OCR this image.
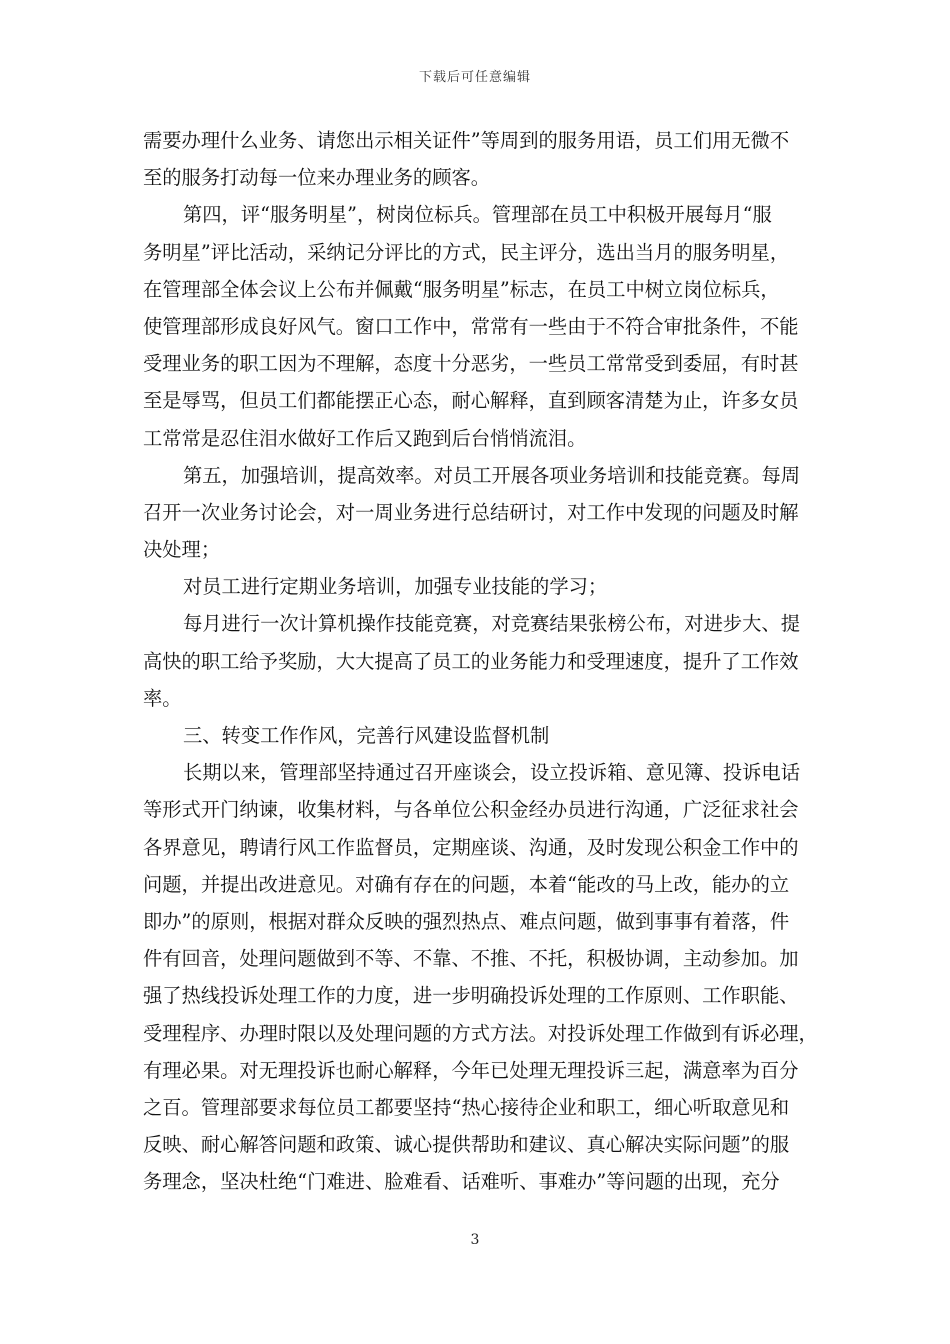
下载后可任意编辑
需要办理什么业务、请您出示相关证件”等周到的服务用语，员工们用无微不
至的服务打动每一位来办理业务的顾客。
第四，评“服务明星”，树岗位标兵。管理部在员工中积极开展每月“服
务明星”评比活动，采纳记分评比的方式，民主评分，选出当月的服务明星，
在管理部全体会议上公布并佩戴“服务明星”标志，在员工中树立岗位标兵，
使管理部形成良好风气。窗口工作中，常常有一些由于不符合审批条件，不能
受理业务的职工因为不理解，态度十分恶劣，一些员工常常受到委屈，有时甚
至是辱骂，但员工们都能摆正心态，耐心解释，直到顾客清楚为止，许多女员
工常常是忍住泪水做好工作后又跑到后台悄悄流泪。
第五，加强培训，提高效率。对员工开展各项业务培训和技能竞赛。每周
召开一次业务讨论会，对一周业务进行总结研讨，对工作中发现的问题及时解
决处理；
对员工进行定期业务培训，加强专业技能的学习；
每月进行一次计算机操作技能竞赛，对竞赛结果张榜公布，对进步大、提
高快的职工给予奖励，大大提高了员工的业务能力和受理速度，提升了工作效
率。
三、转变工作作风，完善行风建设监督机制
长期以来，管理部坚持通过召开座谈会，设立投诉箱、意见簿、投诉电话
等形式开门纳谏，收集材料，与各单位公积金经办员进行沟通，广泛征求社会
各界意见，聘请行风工作监督员，定期座谈、沟通，及时发现公积金工作中的
问题，并提出改进意见。对确有存在的问题，本着“能改的马上改，能办的立
即办”的原则，根据对群众反映的强烈热点、难点问题，做到事事有着落，件
件有回音，处理问题做到不等、不靠、不推、不托，积极协调，主动参加。加
强了热线投诉处理工作的力度，进一步明确投诉处理的工作原则、工作职能、
受理程序、办理时限以及处理问题的方式方法。对投诉处理工作做到有诉必理，
有理必果。对无理投诉也耐心解释，今年已处理无理投诉三起，满意率为百分
之百。管理部要求每位员工都要坚持“热心接待企业和职工，细心听取意见和
反映、耐心解答问题和政策、诚心提供帮助和建议、真心解决实际问题”的服
务理念，坚决杜绝“门难进、脸难看、话难听、事难办”等问题的出现，充分
3
